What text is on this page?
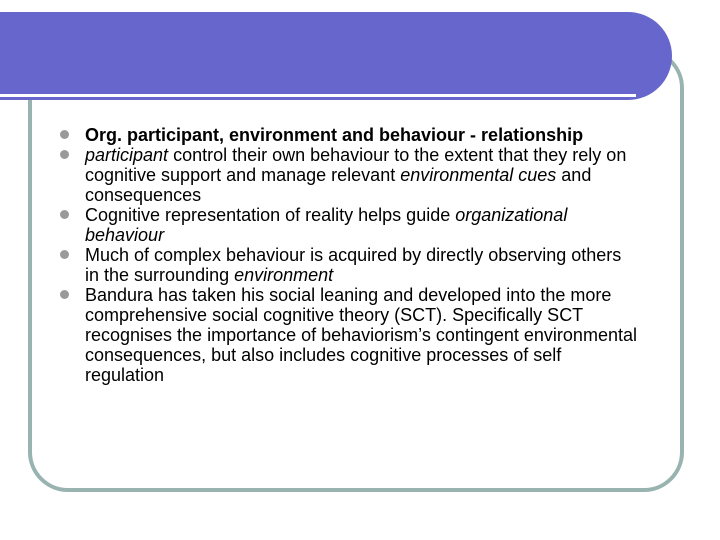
Org. participant, environment and behaviour - relationship
participant control their own behaviour to the extent that they rely on cognitive support and manage relevant environmental cues and consequences
Cognitive representation of reality helps guide organizational behaviour
Much of complex behaviour is acquired by directly observing others in the surrounding environment
Bandura has taken his social leaning and developed into the more comprehensive social cognitive theory (SCT). Specifically SCT recognises the importance of behaviorism’s contingent environmental consequences, but also includes cognitive processes of self regulation
